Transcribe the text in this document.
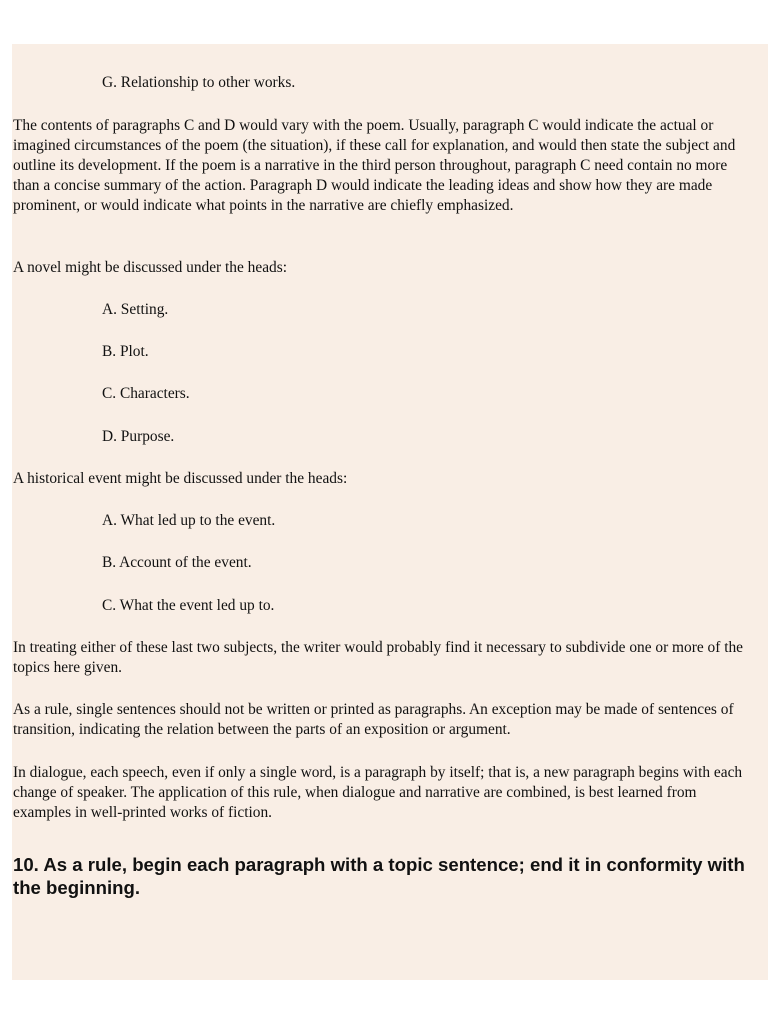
G. Relationship to other works.

The contents of paragraphs C and D would vary with the poem. Usually, paragraph C would indicate the actual or imagined circumstances of the poem (the situation), if these call for explanation, and would then state the subject and outline its development. If the poem is a narrative in the third person throughout, paragraph C need contain no more than a concise summary of the action. Paragraph D would indicate the leading ideas and show how they are made prominent, or would indicate what points in the narrative are chiefly emphasized.

A novel might be discussed under the heads:

A. Setting.

B. Plot.

C. Characters.

D. Purpose.

A historical event might be discussed under the heads:

A. What led up to the event.

B. Account of the event.

C. What the event led up to.

In treating either of these last two subjects, the writer would probably find it necessary to subdivide one or more of the topics here given.

As a rule, single sentences should not be written or printed as paragraphs. An exception may be made of sentences of transition, indicating the relation between the parts of an exposition or argument.

In dialogue, each speech, even if only a single word, is a paragraph by itself; that is, a new paragraph begins with each change of speaker. The application of this rule, when dialogue and narrative are combined, is best learned from examples in well-printed works of fiction.

10. As a rule, begin each paragraph with a topic sentence; end it in conformity with the beginning.
